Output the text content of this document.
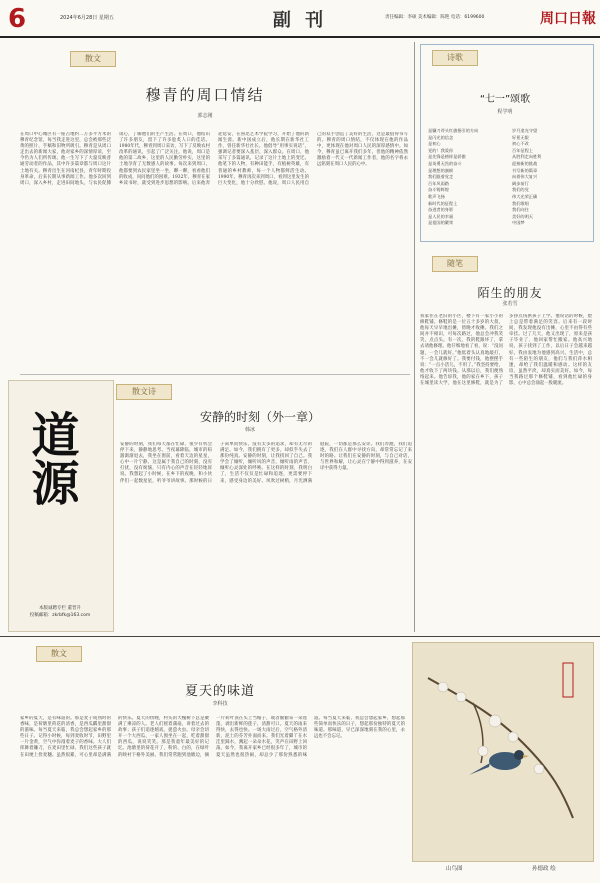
6	2024年6月28日 星期五	副 刊	责任编辑：李硕 美术编辑：陈艳 电话：6199600	周口日報
散文
穆青的周口情结
郭志刚
在周口中心城区有一座占地约二万多平方米的穆青纪念馆，每当我走进这里，总会被那些泛黄的照片、手稿和旧物所吸引。穆青是从周口走出去的新闻大家，他对家乡的深情厚谊，至今仍为人们所传颂。他一生写下了大量反映普通劳动者的作品，其中许多篇章都与周口这片土地有关。穆青出生在河南杞县，青年时期投身革命，后来长期从事新闻工作。他多次回到周口，深入乡村，走进田间地头，与农民促膝谈心，了解他们的生产生活。在周口，他结识了许多朋友，留下了许多脍炙人口的佳话。1980年代，穆青到周口采访，写下了反映农村改革的通讯，引起了广泛关注。他说，周口是他的第二故乡，这里的人民勤劳朴实，这里的土地孕育了无数感人的故事。每次来到周口，他都要到农民家里坐一坐，聊一聊，看看他们的收成，问问他们的困难。1932年，穆青在家乡读书时，就受到进步思想的影响。后来他奔赴延安，在鲁迅艺术学院学习，开始了他的新闻生涯。新中国成立后，他长期在新华社工作，曾任新华社社长。他倡导“用事实说话”，强调记者要深入基层、深入群众。在周口，他采写了多篇通讯，记录了这片土地上的变迁。他笔下的人物，有种田能手，有植树英雄，有普通的乡村教师，每一个人物都鲜活生动。1990年，穆青再次来到周口，看到这里发生的巨大变化，他十分欣慰。他说，周口人民用自己的双手创造了美好的生活，这是最值得书写的。穆青的周口情结，不仅体现在他的作品中，更体现在他对周口人民的深厚感情中。如今，穆青虽已离开我们多年，但他的精神依然激励着一代又一代新闻工作者，他的名字将永远铭刻在周口人民的心中。
诗歌
“七一”颂歌
程学明
是镰刀斧头红旗指引的方向
是闪光的信念
是初心
党的！我爱你
是先锋是榜样是骄傲
是英勇无畏的奋斗
是理想的旗帜
我们跟着党走
百年风雨路
奋斗铸辉煌
歌声飞扬
新时代的征程上
奋进者的身影
是人民的幸福
是祖国的繁荣
岁月追光守望
好景无限
初心不改
百年征程上
从胜利走向胜利
迎接新的挑战
书写新的篇章
向着伟大复兴
阔步前行
我们的党
伟大光荣正确
我们歌唱
我们向往
美好的明天
中国梦
随笔
陌生的朋友
张若雪
我家住在老旧的小区，楼下有一家小小的修鞋铺。修鞋的是一位五十多岁的大叔，他每天早早地出摊，傍晚才收摊。我们之间并不相识，可每次路过，他总会冲我笑笑，点点头。有一次，我的鞋跟坏了，拿去请他修理。他仔细地看了看，说：“没问题，一会儿就好。”他低着头认真地敲打，不一会儿就修好了。我要付钱，他摆摆手说：“一点小活儿，不用了。”我坚持要给，他才收下了两块钱。从那以后，我们便熟络起来。他告诉我，他的家在乡下，孩子在城里读大学，他在这里修鞋，就是为了多挣点钱供孩子上学。他说话的时候，脸上总是带着满足的笑容。后来有一段时间，我发现他没有出摊，心里不由得有些牵挂。过了几天，他又出现了，原来是孩子毕业了，他回家帮忙搬家。他高兴地说，孩子找到了工作，以后日子会越来越好。我由衷地为他感到高兴。生活中，总有一些陌生的朋友，他们与我们萍水相逢，却给了我们温暖和感动。这样的友谊，虽然平淡，却真实而美好。如今，每当我路过那个修鞋铺，看到他忙碌的身影，心中总会涌起一股暖流。
散文诗
安静的时刻（外一章）
韩冰
安静的时刻，我们每天都在忙碌，很少有机会停下来，静静地思考。当夜幕降临，城市的喧嚣渐渐退去，我坐在窗前，看着天边的星星，心中一片宁静。这是属于我自己的时刻，没有打扰，没有烦恼，只有内心的声音在轻轻地诉说。我想起了小时候，在乡下的夜晚，和小伙伴们一起数星星，听爷爷讲故事。那时候的日子简单而快乐，没有太多的追求，却有无尽的满足。如今，我们拥有了更多，却似乎失去了那份纯真。安静的时刻，让我找回了自己。我学会了倾听，倾听风的声音，倾听雨的声音，倾听心灵深处的呼唤。在这样的时刻，我明白了，生活不仅仅是忙碌和追逐，更需要停下来，感受身边的美好。风吹过树梢，月光洒满庭院，一切都是那么安详。我们奔跑，我们追逐，我们在人群中寻找方向，却常常忘记了来时的路。让我们在安静的时刻，与自己对话，与世界和解，让心灵在宁静中得到滋养，在安详中获得力量。
道源
本版诚聘专栏 董晋升
投稿邮箱：zkrbfk@163.com
散文
夏天的味道
李科技
家乡的夏天，是有味道的。那是麦子成熟时的香味，是荷塘里荷花的清香，是西瓜瓤里甜甜的滋味。每当夏天来临，我总会想起家乡的那些日子。记得小时候，每到麦收时节，田野里一片金黄，空气中弥漫着麦子的香味。大人们挥舞着镰刀，在麦田里忙碌，我们这些孩子就在田埂上捡麦穗。虽然很累，可心里却是满满的快乐。夏天的傍晚，村头的大槐树下总是聚满了乘凉的人。老人们摇着蒲扇，讲着过去的故事；孩子们追逐嬉戏，捉萤火虫。母亲会切开一个大西瓜，一家人围坐在一起，吃着甜甜的西瓜，说说笑笑。那是我童年最美好的记忆。池塘里的荷花开了，粉的、白的，在绿叶的映衬下格外美丽。我们常常跑到池塘边，摘一片荷叶顶在头上当帽子，或者偷偷采一朵莲蓬，剥出新鲜的莲子，清甜可口。夏天的雨来得快，去得也快。一场大雨过后，空气格外清新，泥土的芬芳扑面而来。我们光着脚丫在水洼里踩水，溅起一朵朵水花，笑声在田野上回荡。如今，我离开家乡已经很多年了，城市的夏天虽然也很热闹，却总少了那份熟悉的味道。每当夏天来临，我总会想起家乡，想起那些简单而快乐的日子，想起那份独特的夏天的味道。那味道，早已深深地刻在我的心里，永远也不会忘记。
山鸟图	孙德政 绘
